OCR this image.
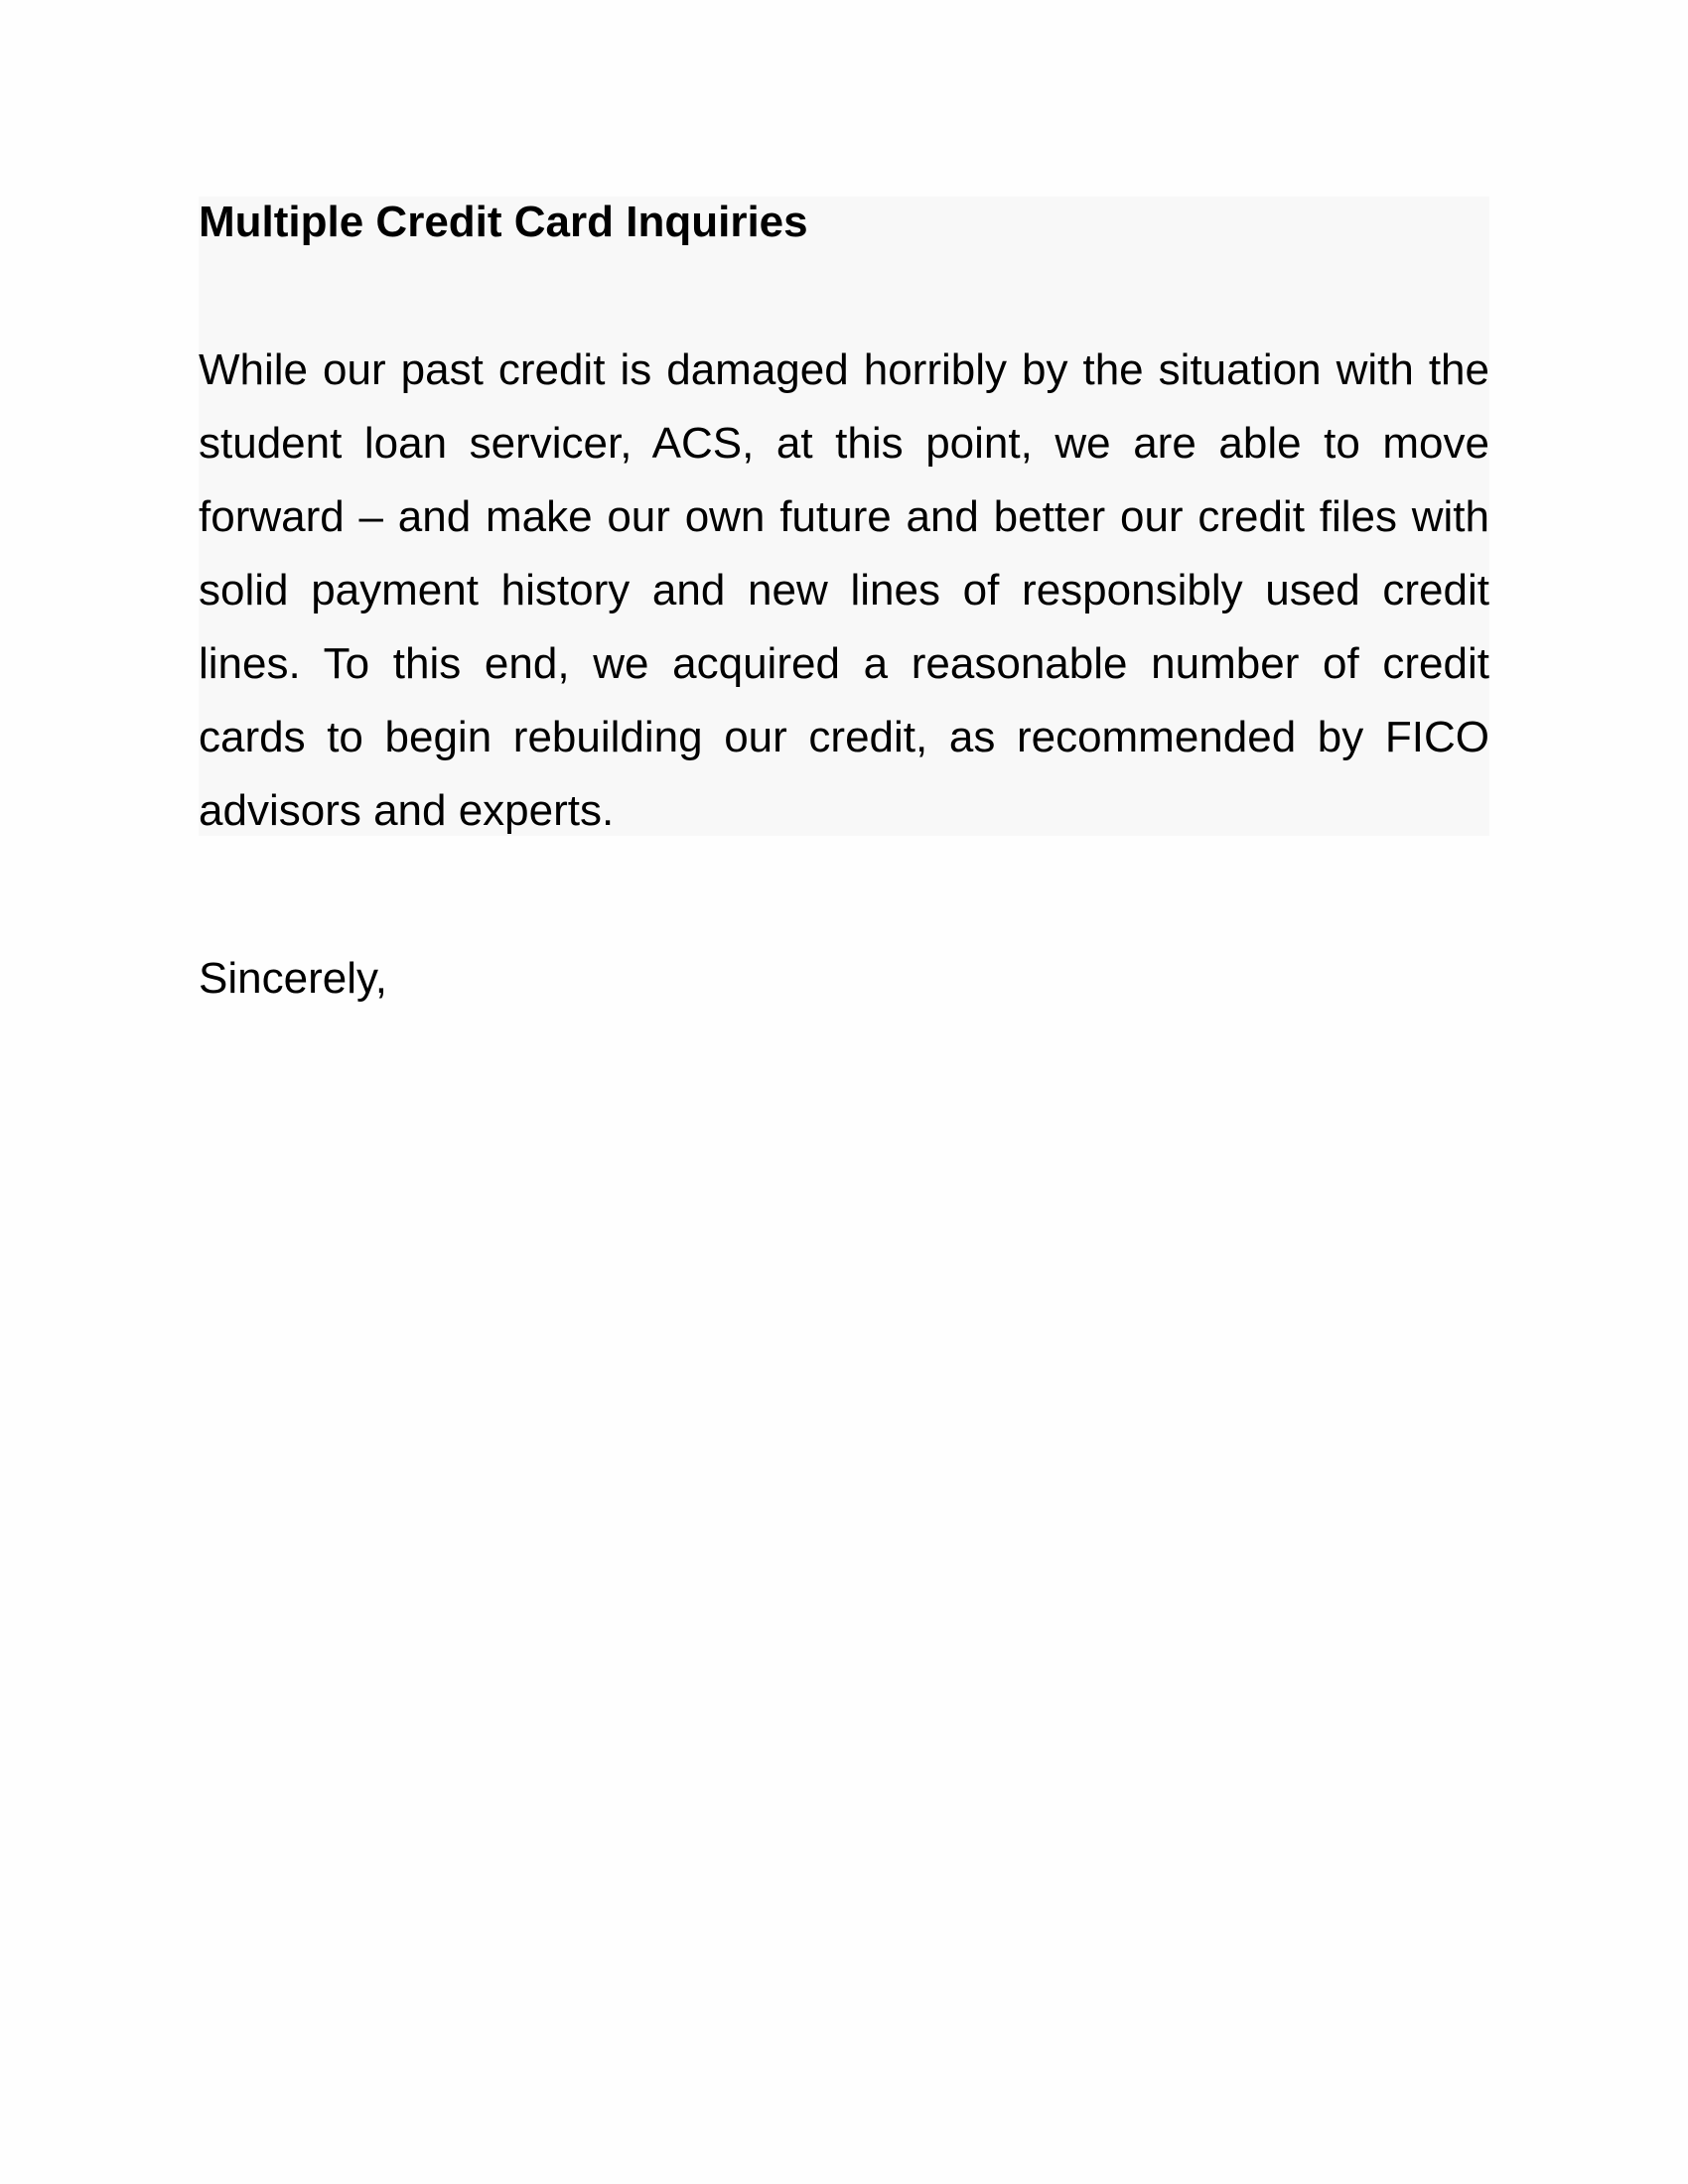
Multiple Credit Card Inquiries

While our past credit is damaged horribly by the situation with the student loan servicer, ACS, at this point, we are able to move forward – and make our own future and better our credit files with solid payment history and new lines of responsibly used credit lines. To this end, we acquired a reasonable number of credit cards to begin rebuilding our credit, as recommended by FICO advisors and experts.

Sincerely,
